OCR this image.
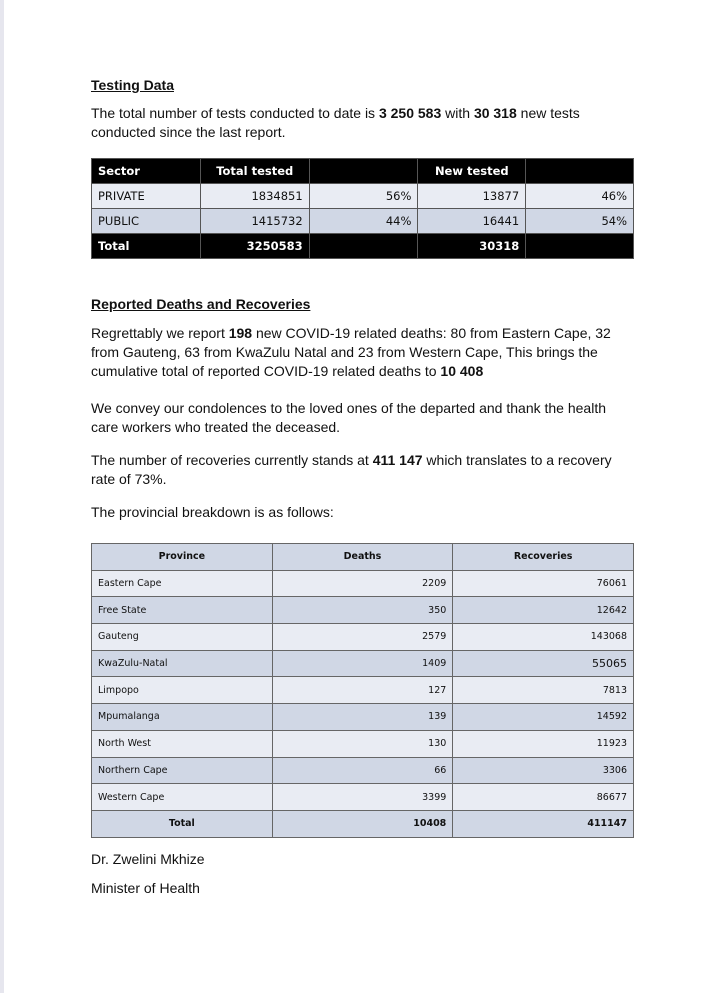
Testing Data
The total number of tests conducted to date is 3 250 583 with 30 318 new tests conducted since the last report.
Sector	Total tested		New tested	
PRIVATE	1834851	56%	13877	46%
PUBLIC	1415732	44%	16441	54%
Total	3250583		30318	
Reported Deaths and Recoveries
Regrettably we report 198 new COVID-19 related deaths: 80 from Eastern Cape, 32 from Gauteng, 63 from KwaZulu Natal and 23 from Western Cape, This brings the cumulative total of reported COVID-19 related deaths to 10 408
We convey our condolences to the loved ones of the departed and thank the health care workers who treated the deceased.
The number of recoveries currently stands at 411 147 which translates to a recovery rate of 73%.
The provincial breakdown is as follows:
Province	Deaths	Recoveries
Eastern Cape	2209	76061
Free State	350	12642
Gauteng	2579	143068
KwaZulu-Natal	1409	55065
Limpopo	127	7813
Mpumalanga	139	14592
North West	130	11923
Northern Cape	66	3306
Western Cape	3399	86677
Total	10408	411147
Dr. Zwelini Mkhize
Minister of Health
